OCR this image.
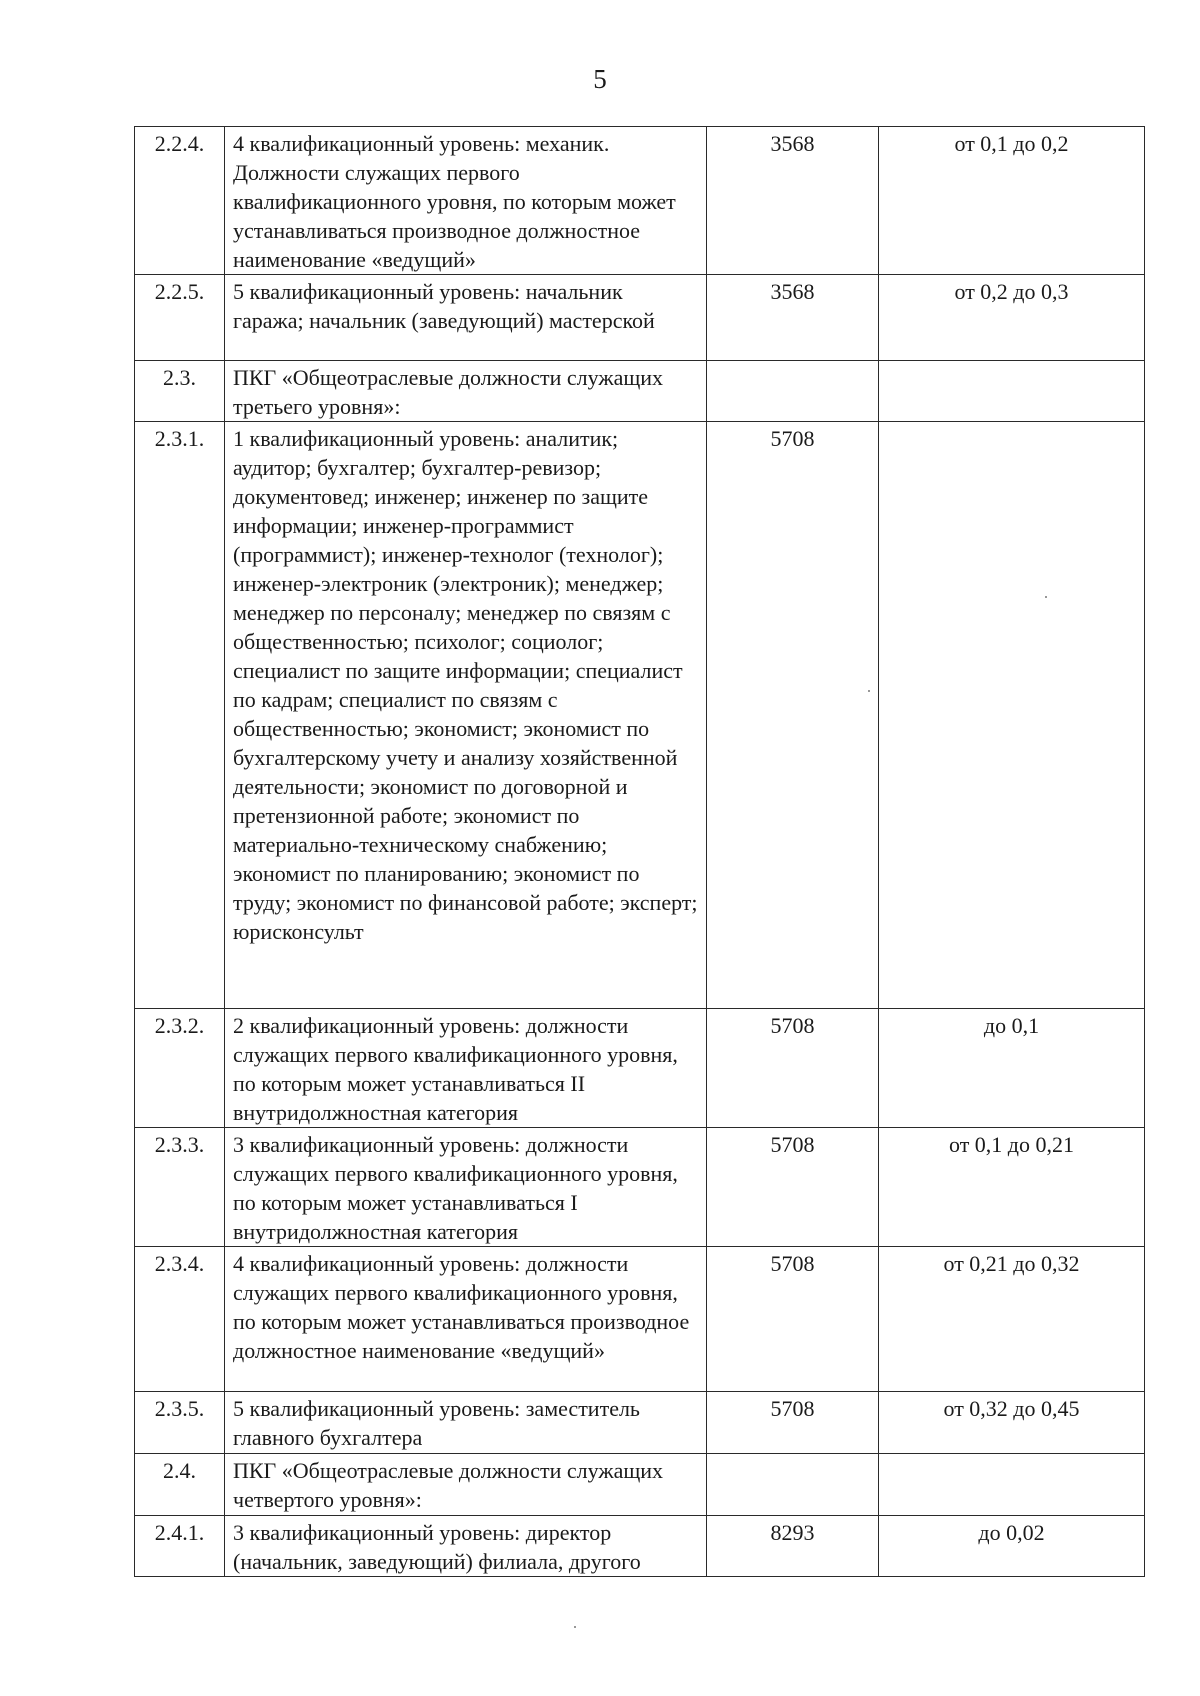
5
2.2.4.	4 квалификационный уровень: механик. Должности служащих первого квалификационного уровня, по которым может устанавливаться производное должностное наименование «ведущий»	3568	от 0,1 до 0,2
2.2.5.	5 квалификационный уровень: начальник гаража; начальник (заведующий) мастерской	3568	от 0,2 до 0,3
2.3.	ПКГ «Общеотраслевые должности служащих третьего уровня»:		
2.3.1.	1 квалификационный уровень: аналитик; аудитор; бухгалтер; бухгалтер-ревизор; документовед; инженер; инженер по защите информации; инженер-программист (программист); инженер-технолог (технолог); инженер-электроник (электроник); менеджер; менеджер по персоналу; менеджер по связям с общественностью; психолог; социолог; специалист по защите информации; специалист по кадрам; специалист по связям с общественностью; экономист; экономист по бухгалтерскому учету и анализу хозяйственной деятельности; экономист по договорной и претензионной работе; экономист по материально-техническому снабжению; экономист по планированию; экономист по труду; экономист по финансовой работе; эксперт; юрисконсульт	5708	
2.3.2.	2 квалификационный уровень: должности служащих первого квалификационного уровня, по которым может устанавливаться II внутридолжностная категория	5708	до 0,1
2.3.3.	3 квалификационный уровень: должности служащих первого квалификационного уровня, по которым может устанавливаться I внутридолжностная категория	5708	от 0,1 до 0,21
2.3.4.	4 квалификационный уровень: должности служащих первого квалификационного уровня, по которым может устанавливаться производное должностное наименование «ведущий»	5708	от 0,21 до 0,32
2.3.5.	5 квалификационный уровень: заместитель главного бухгалтера	5708	от 0,32 до 0,45
2.4.	ПКГ «Общеотраслевые должности служащих четвертого уровня»:		
2.4.1.	3 квалификационный уровень: директор (начальник, заведующий) филиала, другого	8293	до 0,02
